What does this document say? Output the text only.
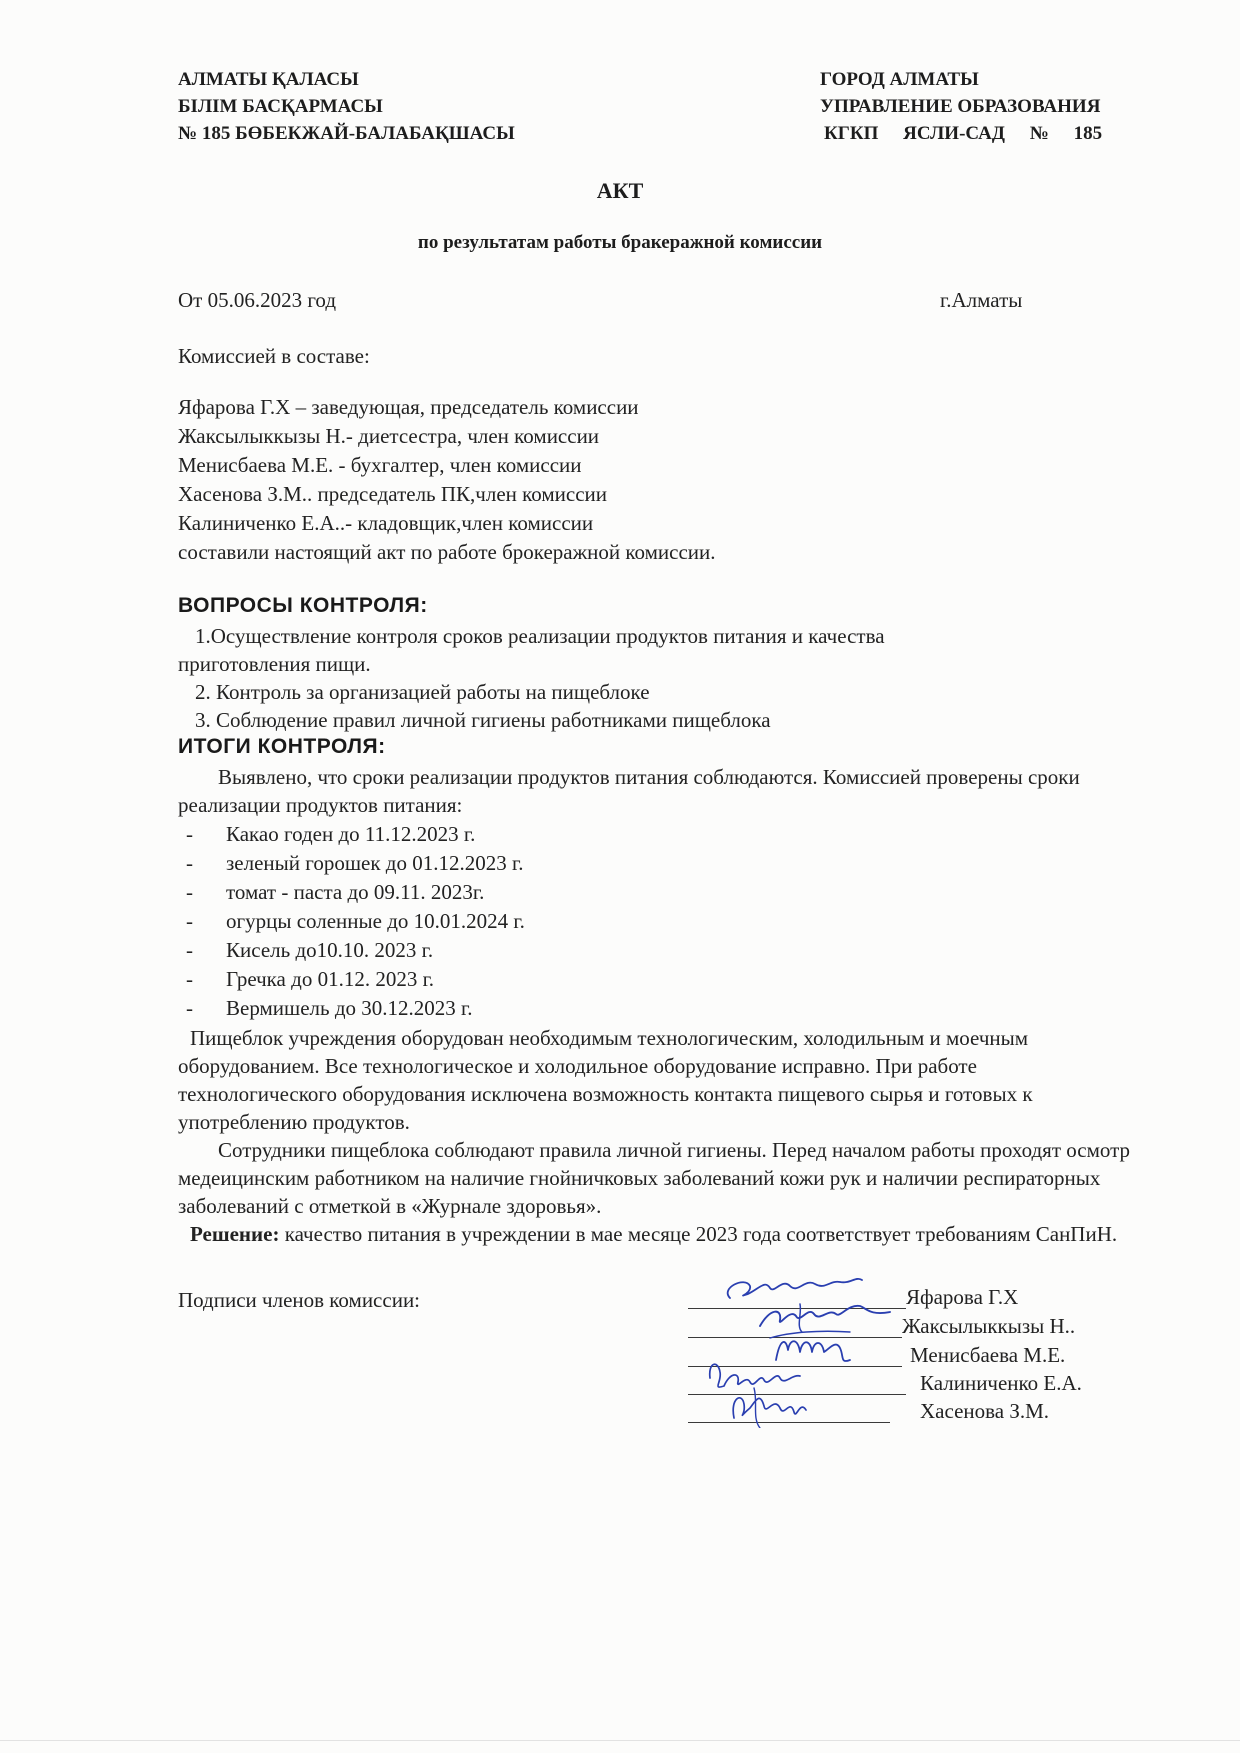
АЛМАТЫ ҚАЛАСЫ
БІЛІМ БАСҚАРМАСЫ
№ 185 БӨБЕКЖАЙ-БАЛАБАҚШАСЫ
ГОРОД АЛМАТЫ
УПРАВЛЕНИЕ ОБРАЗОВАНИЯ
КГКП ЯСЛИ-САД № 185
АКТ
по результатам работы бракеражной комиссии
От 05.06.2023 год	г.Алматы
Комиссией в составе:
Яфарова Г.Х – заведующая, председатель комиссии
Жаксылыккызы Н.- диетсестра, член комиссии
Менисбаева М.Е. - бухгалтер, член комиссии
Хасенова З.М.. председатель ПК,член комиссии
Калиниченко Е.А..- кладовщик,член комиссии
составили настоящий акт по работе брокеражной комиссии.
ВОПРОСЫ КОНТРОЛЯ:
1.Осуществление контроля сроков реализации продуктов питания и качества
приготовления пищи.
2. Контроль за организацией работы на пищеблоке
3. Соблюдение правил личной гигиены работниками пищеблока
ИТОГИ КОНТРОЛЯ:
Выявлено, что сроки реализации продуктов питания соблюдаются. Комиссией проверены сроки реализации продуктов питания:
- Какао годен до 11.12.2023 г.
- зеленый горошек до 01.12.2023 г.
- томат - паста до 09.11. 2023г.
- огурцы соленные до 10.01.2024 г.
- Кисель до10.10. 2023 г.
- Гречка до 01.12. 2023 г.
- Вермишель до 30.12.2023 г.
Пищеблок учреждения оборудован необходимым технологическим, холодильным и моечным оборудованием. Все технологическое и холодильное оборудование исправно. При работе технологического оборудования исключена возможность контакта пищевого сырья и готовых к употреблению продуктов.
Сотрудники пищеблока соблюдают правила личной гигиены. Перед началом работы проходят осмотр медеицинским работником на наличие гнойничковых заболеваний кожи рук и наличии респираторных заболеваний с отметкой в «Журнале здоровья».
Решение: качество питания в учреждении в мае месяце 2023 года соответствует требованиям СанПиН.
Подписи членов комиссии:	Яфарова Г.Х
Жаксылыккызы Н..
Менисбаева М.Е.
Калиниченко Е.А.
Хасенова З.М.
